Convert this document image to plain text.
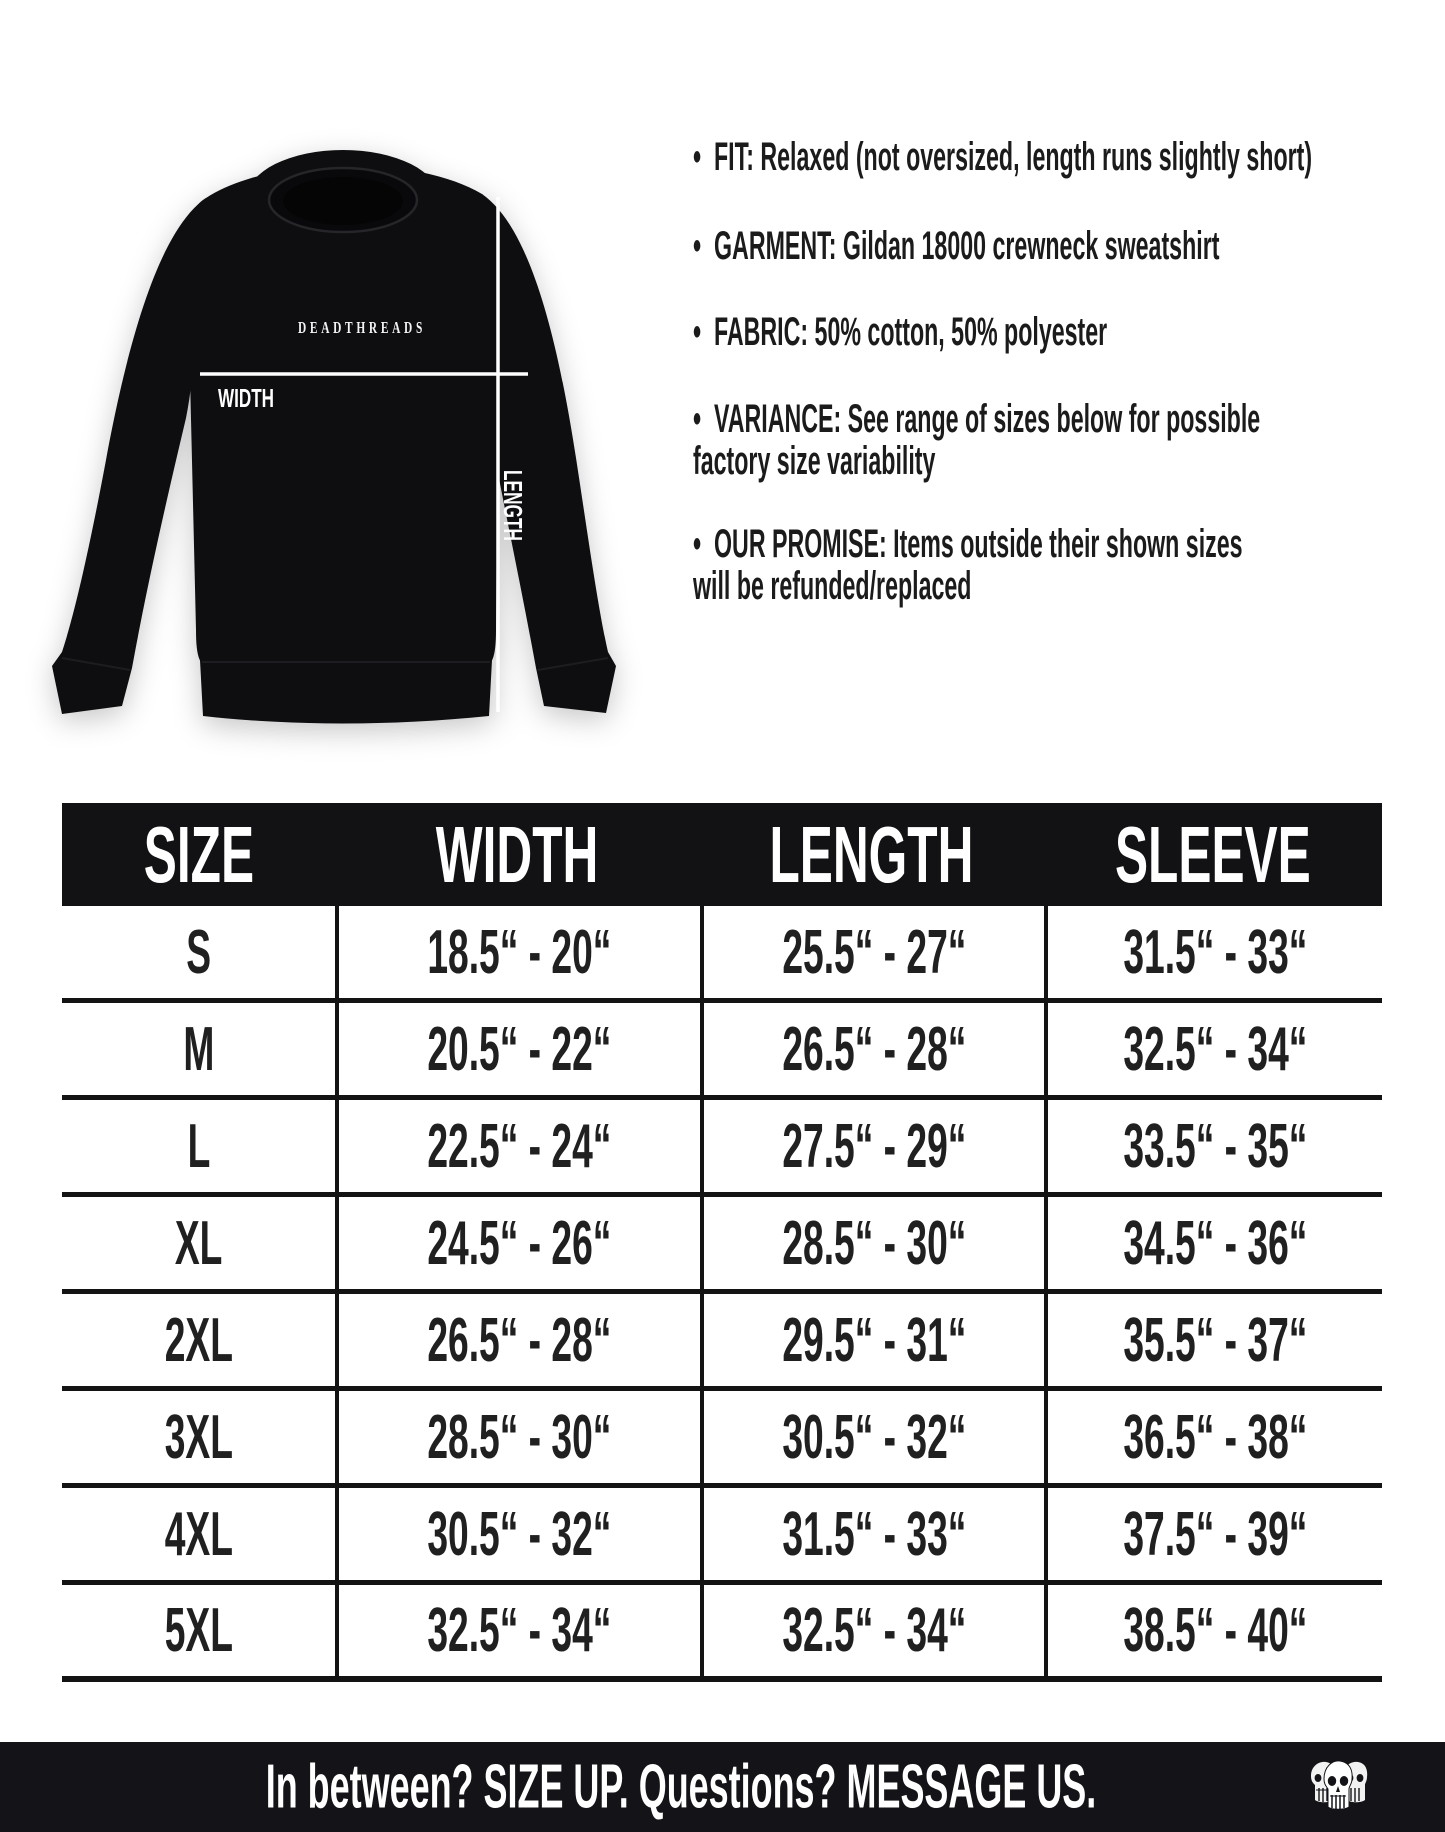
DEADTHREADS
WIDTH
LENGTH
•  FIT: Relaxed (not oversized, length runs slightly short)
•  GARMENT: Gildan 18000 crewneck sweatshirt
•  FABRIC: 50% cotton, 50% polyester
•  VARIANCE: See range of sizes below for possible
factory size variability
•  OUR PROMISE: Items outside their shown sizes
will be refunded/replaced
SIZE WIDTH LENGTH SLEEVE
S	18.5“ - 20“	25.5“ - 27“	31.5“ - 33“
M	20.5“ - 22“	26.5“ - 28“	32.5“ - 34“
L	22.5“ - 24“	27.5“ - 29“	33.5“ - 35“
XL	24.5“ - 26“	28.5“ - 30“	34.5“ - 36“
2XL	26.5“ - 28“	29.5“ - 31“	35.5“ - 37“
3XL	28.5“ - 30“	30.5“ - 32“	36.5“ - 38“
4XL	30.5“ - 32“	31.5“ - 33“	37.5“ - 39“
5XL	32.5“ - 34“	32.5“ - 34“	38.5“ - 40“
In between? SIZE UP. Questions? MESSAGE US.
